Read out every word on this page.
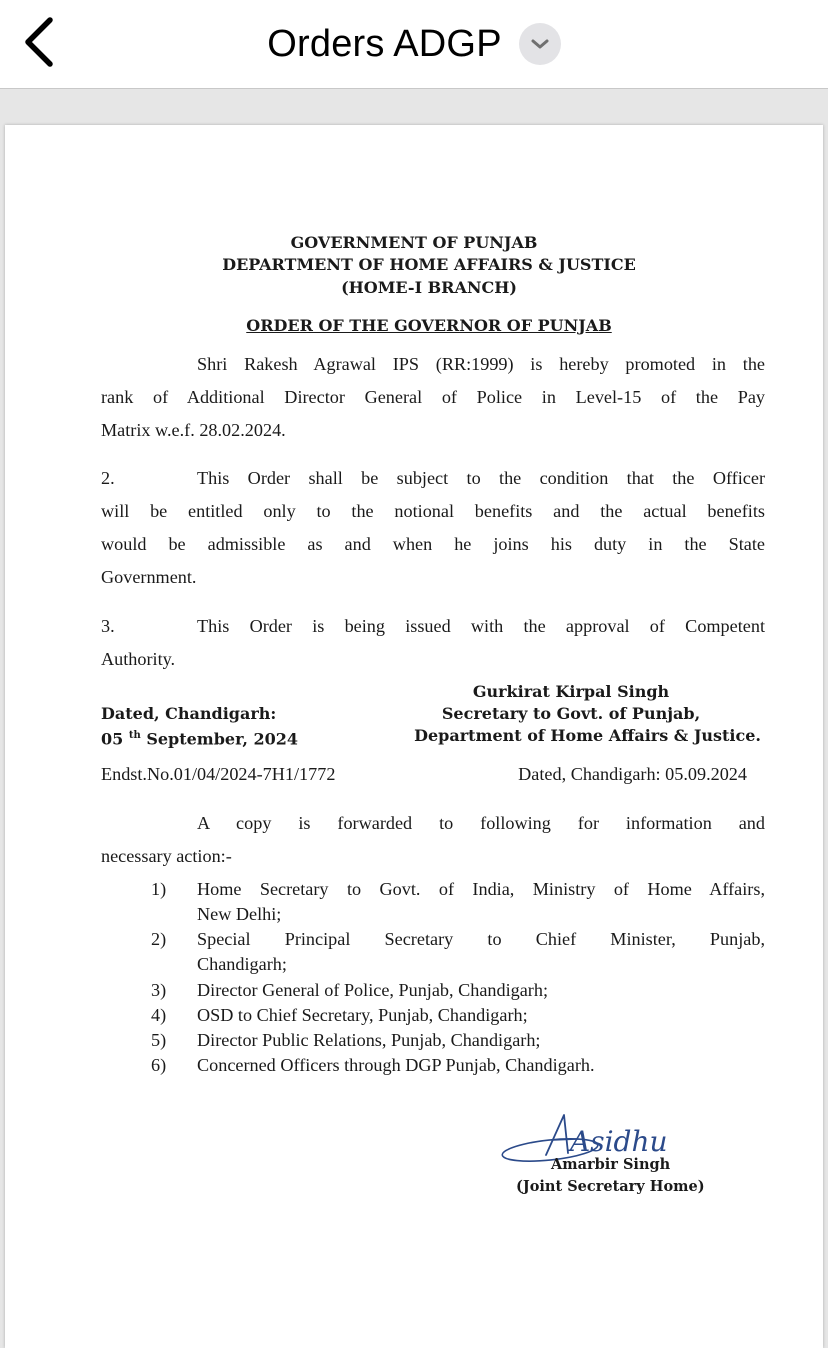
Orders ADGP
GOVERNMENT OF PUNJAB
DEPARTMENT OF HOME AFFAIRS & JUSTICE
(HOME-I BRANCH)
ORDER OF THE GOVERNOR OF PUNJAB
Shri Rakesh Agrawal IPS (RR:1999) is hereby promoted in the
rank of Additional Director General of Police in Level-15 of the Pay
Matrix w.e.f. 28.02.2024.
2.	This Order shall be subject to the condition that the Officer
will be entitled only to the notional benefits and the actual benefits
would be admissible as and when he joins his duty in the State
Government.
3.	This Order is being issued with the approval of Competent
Authority.
Gurkirat Kirpal Singh
Dated, Chandigarh:	Secretary to Govt. of Punjab,
05 $^{th}$ September, 2024	Department of Home Affairs & Justice.
Endst.No.01/04/2024-7H1/1772	Dated, Chandigarh: 05.09.2024
A copy is forwarded to following for information and
necessary action:-
1) Home Secretary to Govt. of India, Ministry of Home Affairs,
New Delhi;
2) Special Principal Secretary to Chief Minister, Punjab,
Chandigarh;
3) Director General of Police, Punjab, Chandigarh;
4) OSD to Chief Secretary, Punjab, Chandigarh;
5) Director Public Relations, Punjab, Chandigarh;
6) Concerned Officers through DGP Punjab, Chandigarh.
Asidhu
Amarbir Singh
(Joint Secretary Home)
